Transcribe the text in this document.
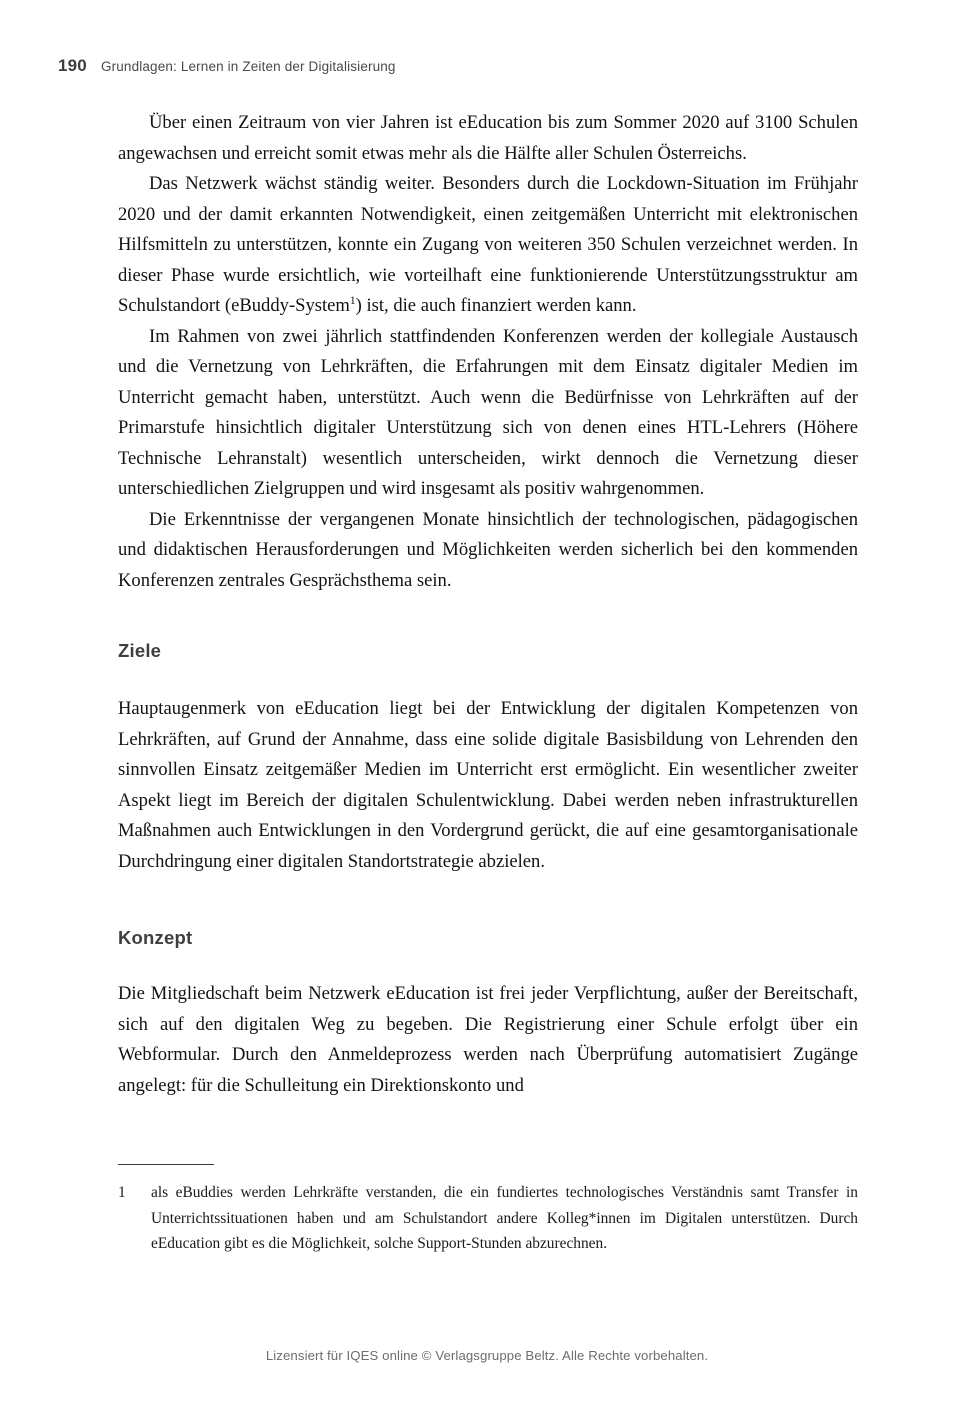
190 Grundlagen: Lernen in Zeiten der Digitalisierung

Über einen Zeitraum von vier Jahren ist eEducation bis zum Sommer 2020 auf 3100 Schulen angewachsen und erreicht somit etwas mehr als die Hälfte aller Schulen Österreichs.

Das Netzwerk wächst ständig weiter. Besonders durch die Lockdown-Situation im Frühjahr 2020 und der damit erkannten Notwendigkeit, einen zeitgemäßen Unterricht mit elektronischen Hilfsmitteln zu unterstützen, konnte ein Zugang von weiteren 350 Schulen verzeichnet werden. In dieser Phase wurde ersichtlich, wie vorteilhaft eine funktionierende Unterstützungsstruktur am Schulstandort (eBuddy-System$^1$) ist, die auch finanziert werden kann.

Im Rahmen von zwei jährlich stattfindenden Konferenzen werden der kollegiale Austausch und die Vernetzung von Lehrkräften, die Erfahrungen mit dem Einsatz digitaler Medien im Unterricht gemacht haben, unterstützt. Auch wenn die Bedürfnisse von Lehrkräften auf der Primarstufe hinsichtlich digitaler Unterstützung sich von denen eines HTL-Lehrers (Höhere Technische Lehranstalt) wesentlich unterscheiden, wirkt dennoch die Vernetzung dieser unterschiedlichen Zielgruppen und wird insgesamt als positiv wahrgenommen.

Die Erkenntnisse der vergangenen Monate hinsichtlich der technologischen, pädagogischen und didaktischen Herausforderungen und Möglichkeiten werden sicherlich bei den kommenden Konferenzen zentrales Gesprächsthema sein.

Ziele

Hauptaugenmerk von eEducation liegt bei der Entwicklung der digitalen Kompetenzen von Lehrkräften, auf Grund der Annahme, dass eine solide digitale Basisbildung von Lehrenden den sinnvollen Einsatz zeitgemäßer Medien im Unterricht erst ermöglicht. Ein wesentlicher zweiter Aspekt liegt im Bereich der digitalen Schulentwicklung. Dabei werden neben infrastrukturellen Maßnahmen auch Entwicklungen in den Vordergrund gerückt, die auf eine gesamtorganisationale Durchdringung einer digitalen Standortstrategie abzielen.

Konzept

Die Mitgliedschaft beim Netzwerk eEducation ist frei jeder Verpflichtung, außer der Bereitschaft, sich auf den digitalen Weg zu begeben. Die Registrierung einer Schule erfolgt über ein Webformular. Durch den Anmeldeprozess werden nach Überprüfung automatisiert Zugänge angelegt: für die Schulleitung ein Direktionskonto und

1	als eBuddies werden Lehrkräfte verstanden, die ein fundiertes technologisches Verständnis samt Transfer in Unterrichtssituationen haben und am Schulstandort andere Kolleg*innen im Digitalen unterstützen. Durch eEducation gibt es die Möglichkeit, solche Support-Stunden abzurechnen.
Lizensiert für IQES online © Verlagsgruppe Beltz. Alle Rechte vorbehalten.
